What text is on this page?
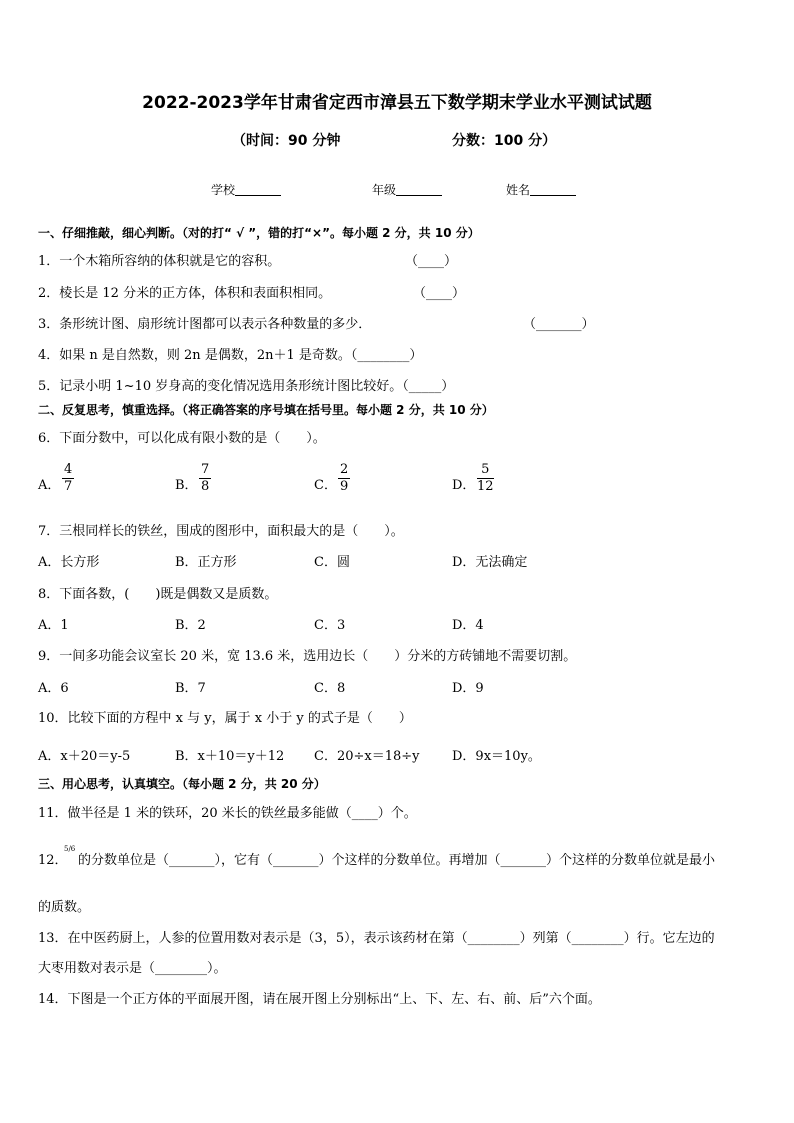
2022-2023学年甘肃省定西市漳县五下数学期末学业水平测试试题
（时间：90 分钟	分数：100 分）
学校	年级	姓名
一、仔细推敲，细心判断。（对的打“ √ ”，错的打“×”。每小题 2 分，共 10 分）
1．一个木箱所容纳的体积就是它的容积。	（____）
2．棱长是 12 分米的正方体，体积和表面积相同。	（____）
3．条形统计图、扇形统计图都可以表示各种数量的多少．	（_______）
4．如果 n 是自然数，则 2n 是偶数，2n＋1 是奇数。（________）
5．记录小明 1~10 岁身高的变化情况选用条形统计图比较好。（_____）
二、反复思考，慎重选择。（将正确答案的序号填在括号里。每小题 2 分，共 10 分）
6．下面分数中，可以化成有限小数的是（　　）。
A． $\frac{4}{7}$	B． $\frac{7}{8}$	C． $\frac{2}{9}$	D． $\frac{5}{12}$
7．三根同样长的铁丝，围成的图形中，面积最大的是（　　）。
A．长方形	B．正方形	C．圆	D．无法确定
8．下面各数，(　　)既是偶数又是质数。
A．1	B．2	C．3	D．4
9．一间多功能会议室长 20 米，宽 13.6 米，选用边长（　　）分米的方砖铺地不需要切割。
A．6	B．7	C．8	D．9
10．比较下面的方程中 x 与 y，属于 x 小于 y 的式子是（　　）
A．x＋20＝y-5	B．x＋10＝y＋12 C．20÷x＝18÷y	D．9x＝10y。
三、用心思考，认真填空。（每小题 2 分，共 20 分）
11．做半径是 1 米的铁环，20 米长的铁丝最多能做（____）个。
12．
5/6
的分数单位是（_______），它有（_______）个这样的分数单位。再增加（_______）个这样的分数单位就是最小
的质数。
13．在中医药厨上，人参的位置用数对表示是（3，5），表示该药材在第（________）列第（________）行。它左边的
大枣用数对表示是（________）。
14．下图是一个正方体的平面展开图，请在展开图上分别标出“上、下、左、右、前、后”六个面。
